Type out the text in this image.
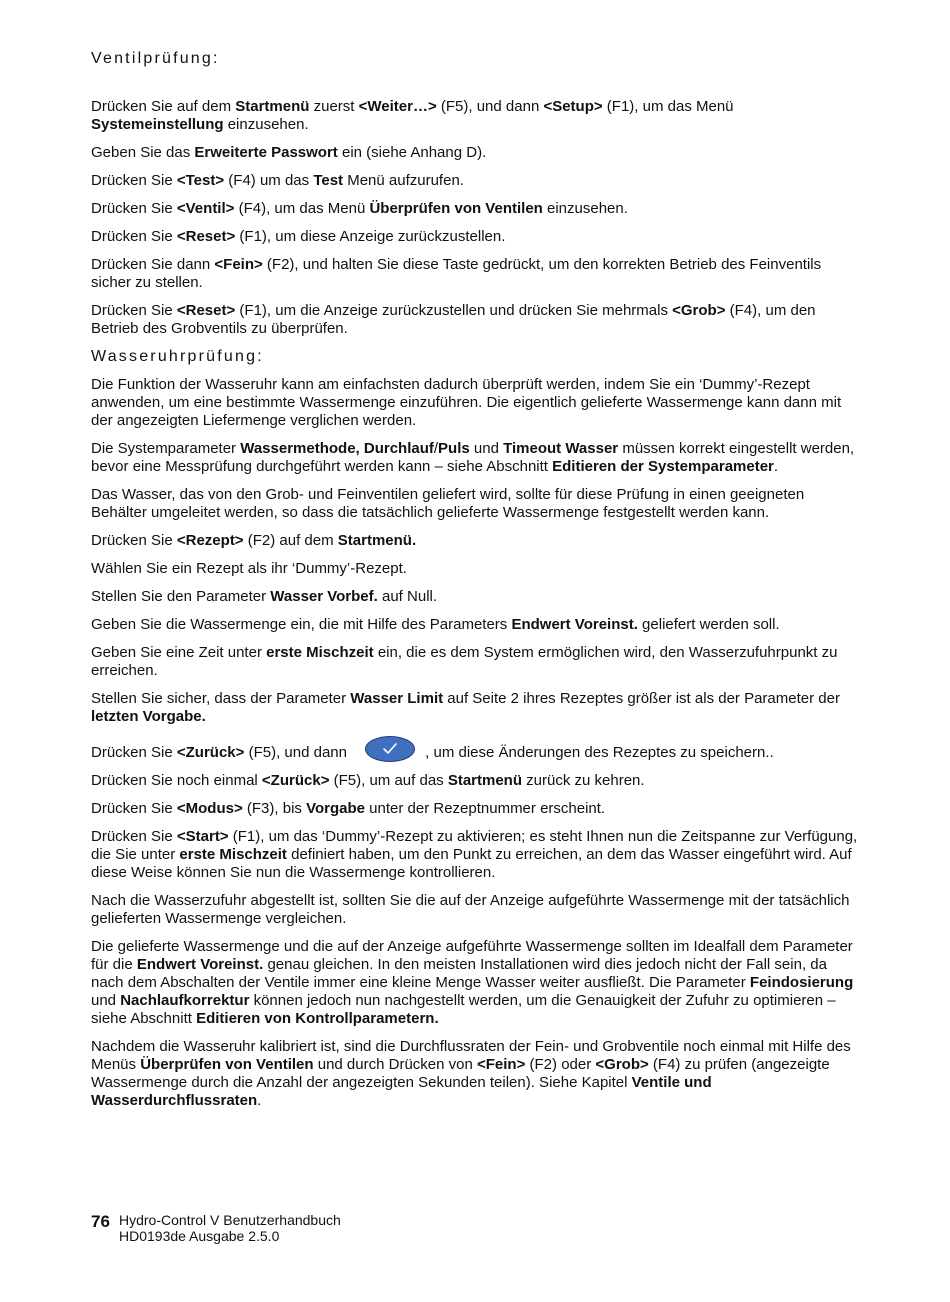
Ventilprüfung:

Drücken Sie auf dem Startmenü zuerst <Weiter…> (F5), und dann <Setup> (F1), um das Menü Systemeinstellung einzusehen.

Geben Sie das Erweiterte Passwort ein (siehe Anhang D).

Drücken Sie <Test> (F4) um das Test Menü aufzurufen.

Drücken Sie <Ventil> (F4), um das Menü Überprüfen von Ventilen einzusehen.

Drücken Sie <Reset> (F1), um diese Anzeige zurückzustellen.

Drücken Sie dann <Fein> (F2), und halten Sie diese Taste gedrückt, um den korrekten Betrieb des Feinventils sicher zu stellen.

Drücken Sie <Reset> (F1), um die Anzeige zurückzustellen und drücken Sie mehrmals <Grob> (F4), um den Betrieb des Grobventils zu überprüfen.

Wasseruhrprüfung:

Die Funktion der Wasseruhr kann am einfachsten dadurch überprüft werden, indem Sie ein ‘Dummy’-Rezept anwenden, um eine bestimmte Wassermenge einzuführen. Die eigentlich gelieferte Wassermenge kann dann mit der angezeigten Liefermenge verglichen werden.

Die Systemparameter Wassermethode, Durchlauf/Puls und Timeout Wasser müssen korrekt eingestellt werden, bevor eine Messprüfung durchgeführt werden kann – siehe Abschnitt Editieren der Systemparameter.

Das Wasser, das von den Grob- und Feinventilen geliefert wird, sollte für diese Prüfung in einen geeigneten Behälter umgeleitet werden, so dass die tatsächlich gelieferte Wassermenge festgestellt werden kann.

Drücken Sie <Rezept> (F2) auf dem Startmenü.

Wählen Sie ein Rezept als ihr ‘Dummy’-Rezept.

Stellen Sie den Parameter Wasser Vorbef. auf Null.

Geben Sie die Wassermenge ein, die mit Hilfe des Parameters Endwert Voreinst. geliefert werden soll.

Geben Sie eine Zeit unter erste Mischzeit ein, die es dem System ermöglichen wird, den Wasserzufuhrpunkt zu erreichen.

Stellen Sie sicher, dass der Parameter Wasser Limit auf Seite 2 ihres Rezeptes größer ist als der Parameter der letzten Vorgabe.

Drücken Sie <Zurück> (F5), und dann	, um diese Änderungen des Rezeptes zu speichern..

Drücken Sie noch einmal <Zurück> (F5), um auf das Startmenü zurück zu kehren.

Drücken Sie <Modus> (F3), bis Vorgabe unter der Rezeptnummer erscheint.

Drücken Sie <Start> (F1), um das ‘Dummy’-Rezept zu aktivieren; es steht Ihnen nun die Zeitspanne zur Verfügung, die Sie unter erste Mischzeit definiert haben, um den Punkt zu erreichen, an dem das Wasser eingeführt wird. Auf diese Weise können Sie nun die Wassermenge kontrollieren.

Nach die Wasserzufuhr abgestellt ist, sollten Sie die auf der Anzeige aufgeführte Wassermenge mit der tatsächlich gelieferten Wassermenge vergleichen.

Die gelieferte Wassermenge und die auf der Anzeige aufgeführte Wassermenge sollten im Idealfall dem Parameter für die Endwert Voreinst. genau gleichen. In den meisten Installationen wird dies jedoch nicht der Fall sein, da nach dem Abschalten der Ventile immer eine kleine Menge Wasser weiter ausfließt. Die Parameter Feindosierung und Nachlaufkorrektur können jedoch nun nachgestellt werden, um die Genauigkeit der Zufuhr zu optimieren – siehe Abschnitt Editieren von Kontrollparametern.

Nachdem die Wasseruhr kalibriert ist, sind die Durchflussraten der Fein- und Grobventile noch einmal mit Hilfe des Menüs Überprüfen von Ventilen und durch Drücken von <Fein> (F2) oder <Grob> (F4) zu prüfen (angezeigte Wassermenge durch die Anzahl der angezeigten Sekunden teilen). Siehe Kapitel Ventile und Wasserdurchflussraten.

76 Hydro-Control V Benutzerhandbuch
HD0193de Ausgabe 2.5.0
